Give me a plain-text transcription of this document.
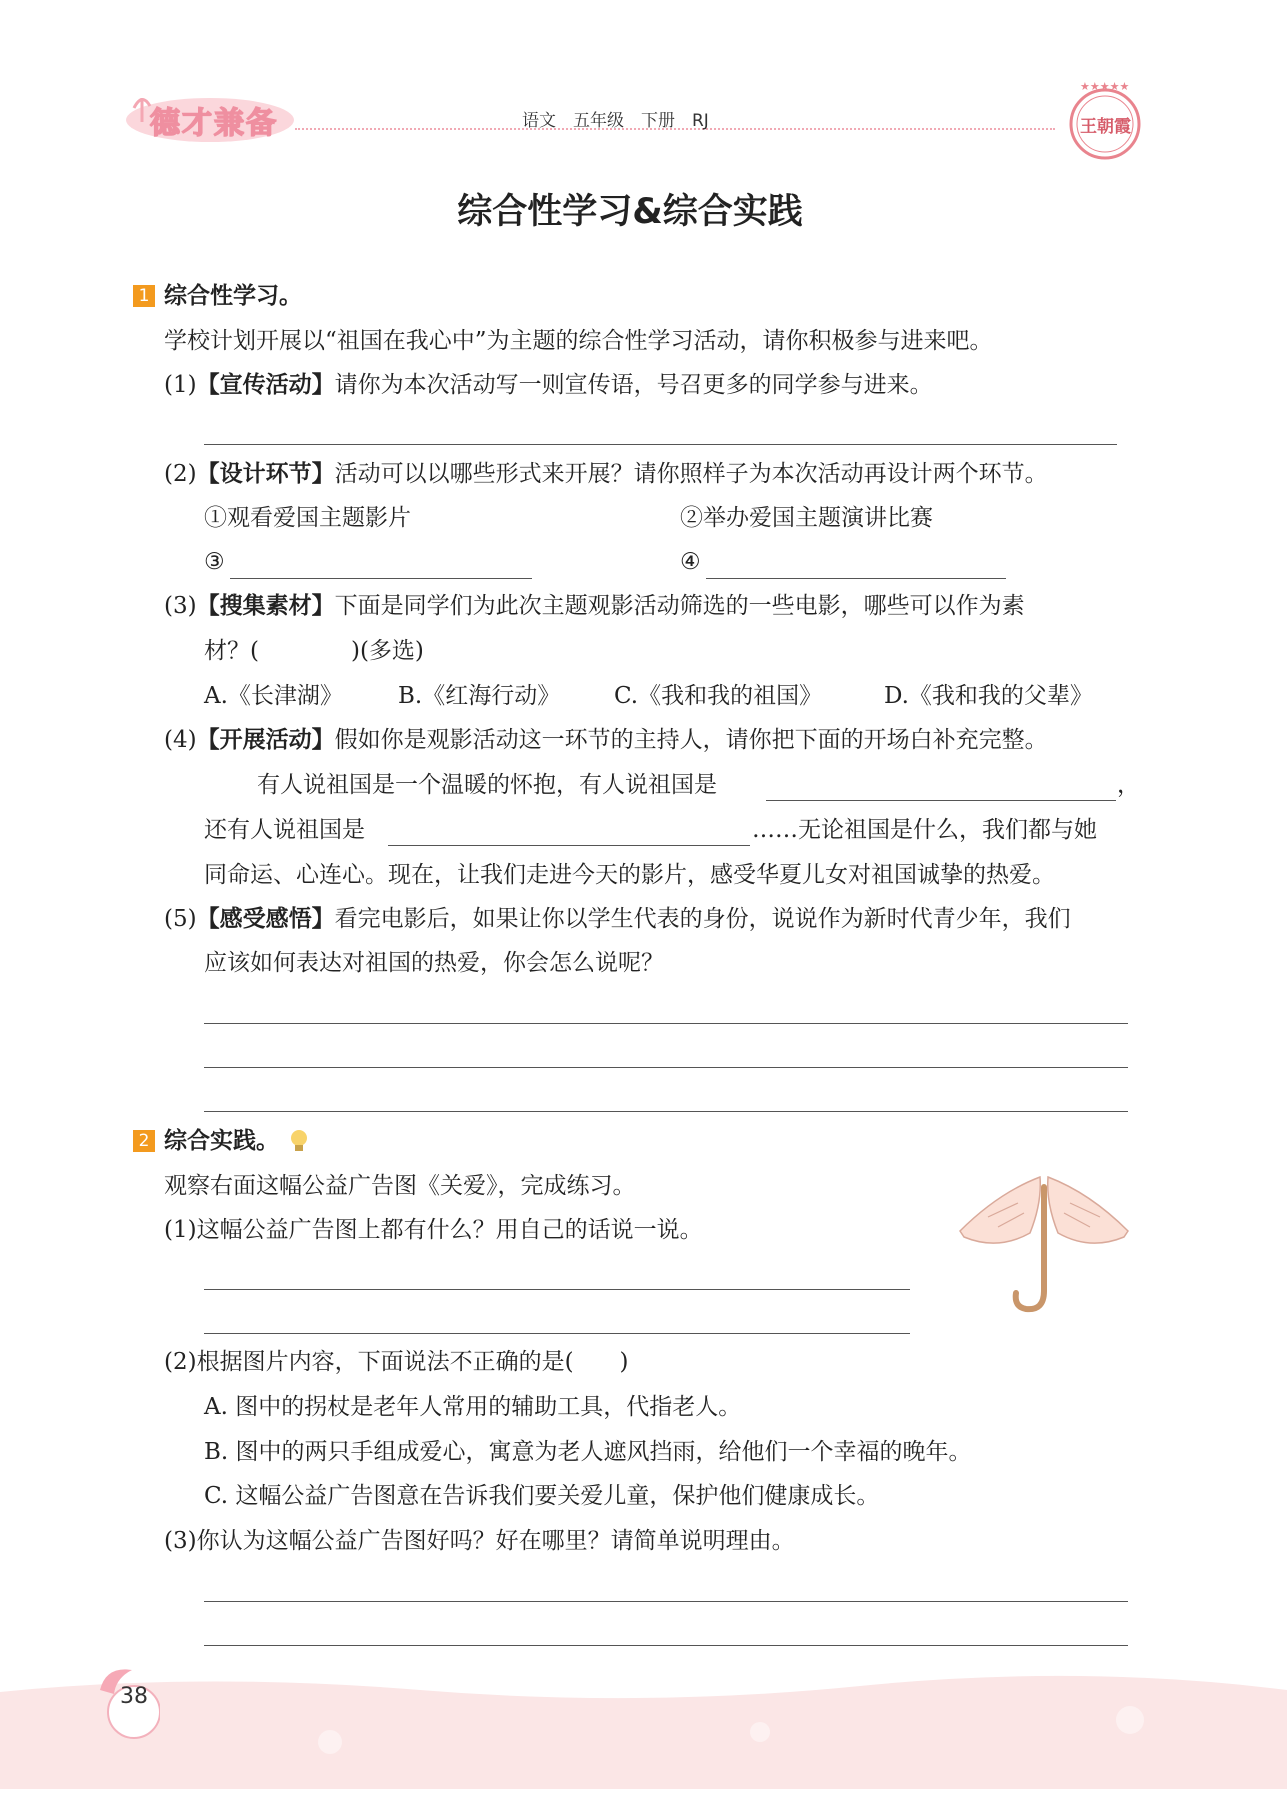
德才兼备	语文　五年级　下册　RJ
★★★★★
王朝霞
综合性学习&综合实践
1 综合性学习。
学校计划开展以“祖国在我心中”为主题的综合性学习活动，请你积极参与进来吧。
(1)【宣传活动】请你为本次活动写一则宣传语，号召更多的同学参与进来。
(2)【设计环节】活动可以以哪些形式来开展？请你照样子为本次活动再设计两个环节。
①观看爱国主题影片	②举办爱国主题演讲比赛
③	④
(3)【搜集素材】下面是同学们为此次主题观影活动筛选的一些电影，哪些可以作为素
材？(　　　　)(多选)
A.《长津湖》 B.《红海行动》 C.《我和我的祖国》	D.《我和我的父辈》
(4)【开展活动】假如你是观影活动这一环节的主持人，请你把下面的开场白补充完整。
有人说祖国是一个温暖的怀抱，有人说祖国是	，
还有人说祖国是	……无论祖国是什么，我们都与她
同命运、心连心。现在，让我们走进今天的影片，感受华夏儿女对祖国诚挚的热爱。
(5)【感受感悟】看完电影后，如果让你以学生代表的身份，说说作为新时代青少年，我们
应该如何表达对祖国的热爱，你会怎么说呢？
2 综合实践。
观察右面这幅公益广告图《关爱》，完成练习。
(1)这幅公益广告图上都有什么？用自己的话说一说。
(2)根据图片内容，下面说法不正确的是(　　)
A. 图中的拐杖是老年人常用的辅助工具，代指老人。
B. 图中的两只手组成爱心，寓意为老人遮风挡雨，给他们一个幸福的晚年。
C. 这幅公益广告图意在告诉我们要关爱儿童，保护他们健康成长。
(3)你认为这幅公益广告图好吗？好在哪里？请简单说明理由。
38
